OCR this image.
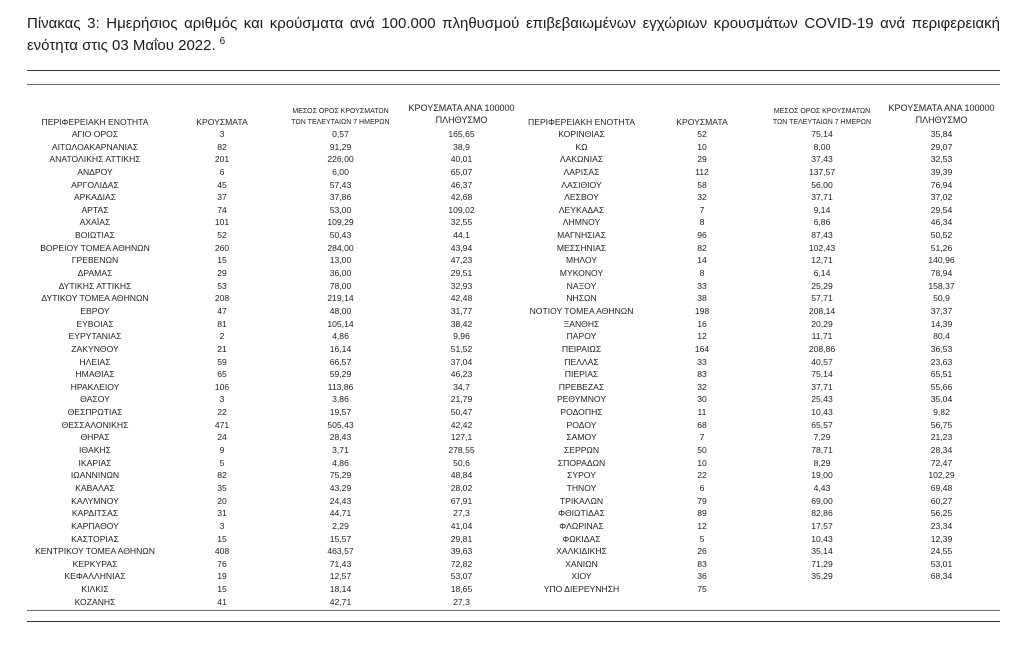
Πίνακας 3: Ημερήσιος αριθμός και κρούσματα ανά 100.000 πληθυσμού επιβεβαιωμένων εγχώριων κρουσμάτων COVID-19 ανά περιφερειακή
ενότητα στις 03 Μαΐου 2022. $^6$
ΠΕΡΙΦΕΡΕΙΑΚΗ ΕΝΟΤΗΤΑ	ΚΡΟΥΣΜΑΤΑ
ΜΕΣΟΣ ΟΡΟΣ ΚΡΟΥΣΜΑΤΩΝ
ΤΩΝ ΤΕΛΕΥΤΑΙΩΝ 7 ΗΜΕΡΩΝ
ΚΡΟΥΣΜΑΤΑ ΑΝΑ 100000
ΠΛΗΘΥΣΜΟ	ΠΕΡΙΦΕΡΕΙΑΚΗ ΕΝΟΤΗΤΑ	ΚΡΟΥΣΜΑΤΑ
ΜΕΣΟΣ ΟΡΟΣ ΚΡΟΥΣΜΑΤΩΝ
ΤΩΝ ΤΕΛΕΥΤΑΙΩΝ 7 ΗΜΕΡΩΝ
ΚΡΟΥΣΜΑΤΑ ΑΝΑ 100000
ΠΛΗΘΥΣΜΟ
ΑΓΙΟ ΟΡΟΣ	3	0,57	165,65	ΚΟΡΙΝΘΙΑΣ	52	75,14	35,84
ΑΙΤΩΛΟΑΚΑΡΝΑΝΙΑΣ	82	91,29	38,9	ΚΩ	10	8,00	29,07
ΑΝΑΤΟΛΙΚΗΣ ΑΤΤΙΚΗΣ	201	226,00	40,01	ΛΑΚΩΝΙΑΣ	29	37,43	32,53
ΑΝΔΡΟΥ	6	6,00	65,07	ΛΑΡΙΣΑΣ	112	137,57	39,39
ΑΡΓΟΛΙΔΑΣ	45	57,43	46,37	ΛΑΣΙΘΙΟΥ	58	56,00	76,94
ΑΡΚΑΔΙΑΣ	37	37,86	42,68	ΛΕΣΒΟΥ	32	37,71	37,02
ΑΡΤΑΣ	74	53,00	109,02	ΛΕΥΚΑΔΑΣ	7	9,14	29,54
ΑΧΑΪΑΣ	101	109,29	32,55	ΛΗΜΝΟΥ	8	6,86	46,34
ΒΟΙΩΤΙΑΣ	52	50,43	44,1	ΜΑΓΝΗΣΙΑΣ	96	87,43	50,52
ΒΟΡΕΙΟΥ ΤΟΜΕΑ ΑΘΗΝΩΝ	260	284,00	43,94	ΜΕΣΣΗΝΙΑΣ	82	102,43	51,26
ΓΡΕΒΕΝΩΝ	15	13,00	47,23	ΜΗΛΟΥ	14	12,71	140,96
ΔΡΑΜΑΣ	29	36,00	29,51	ΜΥΚΟΝΟΥ	8	6,14	78,94
ΔΥΤΙΚΗΣ ΑΤΤΙΚΗΣ	53	78,00	32,93	ΝΑΞΟΥ	33	25,29	158,37
ΔΥΤΙΚΟΥ ΤΟΜΕΑ ΑΘΗΝΩΝ	208	219,14	42,48	ΝΗΣΩΝ	38	57,71	50,9
ΕΒΡΟΥ	47	48,00	31,77	ΝΟΤΙΟΥ ΤΟΜΕΑ ΑΘΗΝΩΝ	198	208,14	37,37
ΕΥΒΟΙΑΣ	81	105,14	38,42	ΞΑΝΘΗΣ	16	20,29	14,39
ΕΥΡΥΤΑΝΙΑΣ	2	4,86	9,96	ΠΑΡΟΥ	12	11,71	80,4
ΖΑΚΥΝΘΟΥ	21	16,14	51,52	ΠΕΙΡΑΙΩΣ	164	208,86	36,53
ΗΛΕΙΑΣ	59	66,57	37,04	ΠΕΛΛΑΣ	33	40,57	23,63
ΗΜΑΘΙΑΣ	65	59,29	46,23	ΠΙΕΡΙΑΣ	83	75,14	65,51
ΗΡΑΚΛΕΙΟΥ	106	113,86	34,7	ΠΡΕΒΕΖΑΣ	32	37,71	55,66
ΘΑΣΟΥ	3	3,86	21,79	ΡΕΘΥΜΝΟΥ	30	25,43	35,04
ΘΕΣΠΡΩΤΙΑΣ	22	19,57	50,47	ΡΟΔΟΠΗΣ	11	10,43	9,82
ΘΕΣΣΑΛΟΝΙΚΗΣ	471	505,43	42,42	ΡΟΔΟΥ	68	65,57	56,75
ΘΗΡΑΣ	24	28,43	127,1	ΣΑΜΟΥ	7	7,29	21,23
ΙΘΑΚΗΣ	9	3,71	278,55	ΣΕΡΡΩΝ	50	78,71	28,34
ΙΚΑΡΙΑΣ	5	4,86	50,6	ΣΠΟΡΑΔΩΝ	10	8,29	72,47
ΙΩΑΝΝΙΝΩΝ	82	75,29	48,84	ΣΥΡΟΥ	22	19,00	102,29
ΚΑΒΑΛΑΣ	35	43,29	28,02	ΤΗΝΟΥ	6	4,43	69,48
ΚΑΛΥΜΝΟΥ	20	24,43	67,91	ΤΡΙΚΑΛΩΝ	79	69,00	60,27
ΚΑΡΔΙΤΣΑΣ	31	44,71	27,3	ΦΘΙΩΤΙΔΑΣ	89	82,86	56,25
ΚΑΡΠΑΘΟΥ	3	2,29	41,04	ΦΛΩΡΙΝΑΣ	12	17,57	23,34
ΚΑΣΤΟΡΙΑΣ	15	15,57	29,81	ΦΩΚΙΔΑΣ	5	10,43	12,39
ΚΕΝΤΡΙΚΟΥ ΤΟΜΕΑ ΑΘΗΝΩΝ	408	463,57	39,63	ΧΑΛΚΙΔΙΚΗΣ	26	35,14	24,55
ΚΕΡΚΥΡΑΣ	76	71,43	72,82	ΧΑΝΙΩΝ	83	71,29	53,01
ΚΕΦΑΛΛΗΝΙΑΣ	19	12,57	53,07	ΧΙΟΥ	36	35,29	68,34
ΚΙΛΚΙΣ	15	18,14	18,65	ΥΠΟ ΔΙΕΡΕΥΝΗΣΗ	75
ΚΟΖΑΝΗΣ	41	42,71	27,3
